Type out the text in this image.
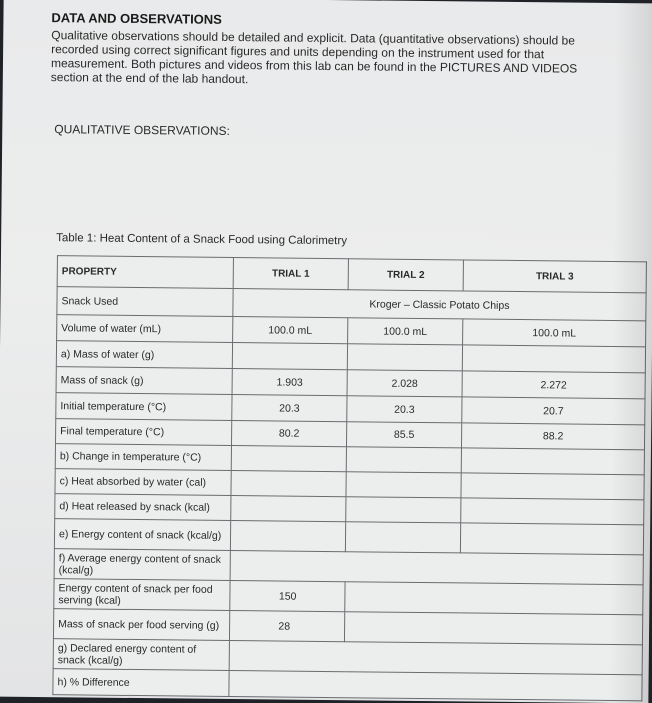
DATA AND OBSERVATIONS
Qualitative observations should be detailed and explicit. Data (quantitative observations) should be recorded using correct significant figures and units depending on the instrument used for that measurement. Both pictures and videos from this lab can be found in the PICTURES AND VIDEOS section at the end of the lab handout.
QUALITATIVE OBSERVATIONS:
Table 1: Heat Content of a Snack Food using Calorimetry
PROPERTY	TRIAL 1	TRIAL 2	TRIAL 3
Snack Used	Kroger – Classic Potato Chips		
Volume of water (mL)	100.0 mL	100.0 mL	100.0 mL
a) Mass of water (g)			
Mass of snack (g)	1.903	2.028	2.272
Initial temperature (°C)	20.3	20.3	20.7
Final temperature (°C)	80.2	85.5	88.2
b) Change in temperature (°C)			
c) Heat absorbed by water (cal)			
d) Heat released by snack (kcal)			
e) Energy content of snack (kcal/g)			
f) Average energy content of snack (kcal/g)			
Energy content of snack per food serving (kcal)	150		
Mass of snack per food serving (g)	28		
g) Declared energy content of snack (kcal/g)			
h) % Difference			
